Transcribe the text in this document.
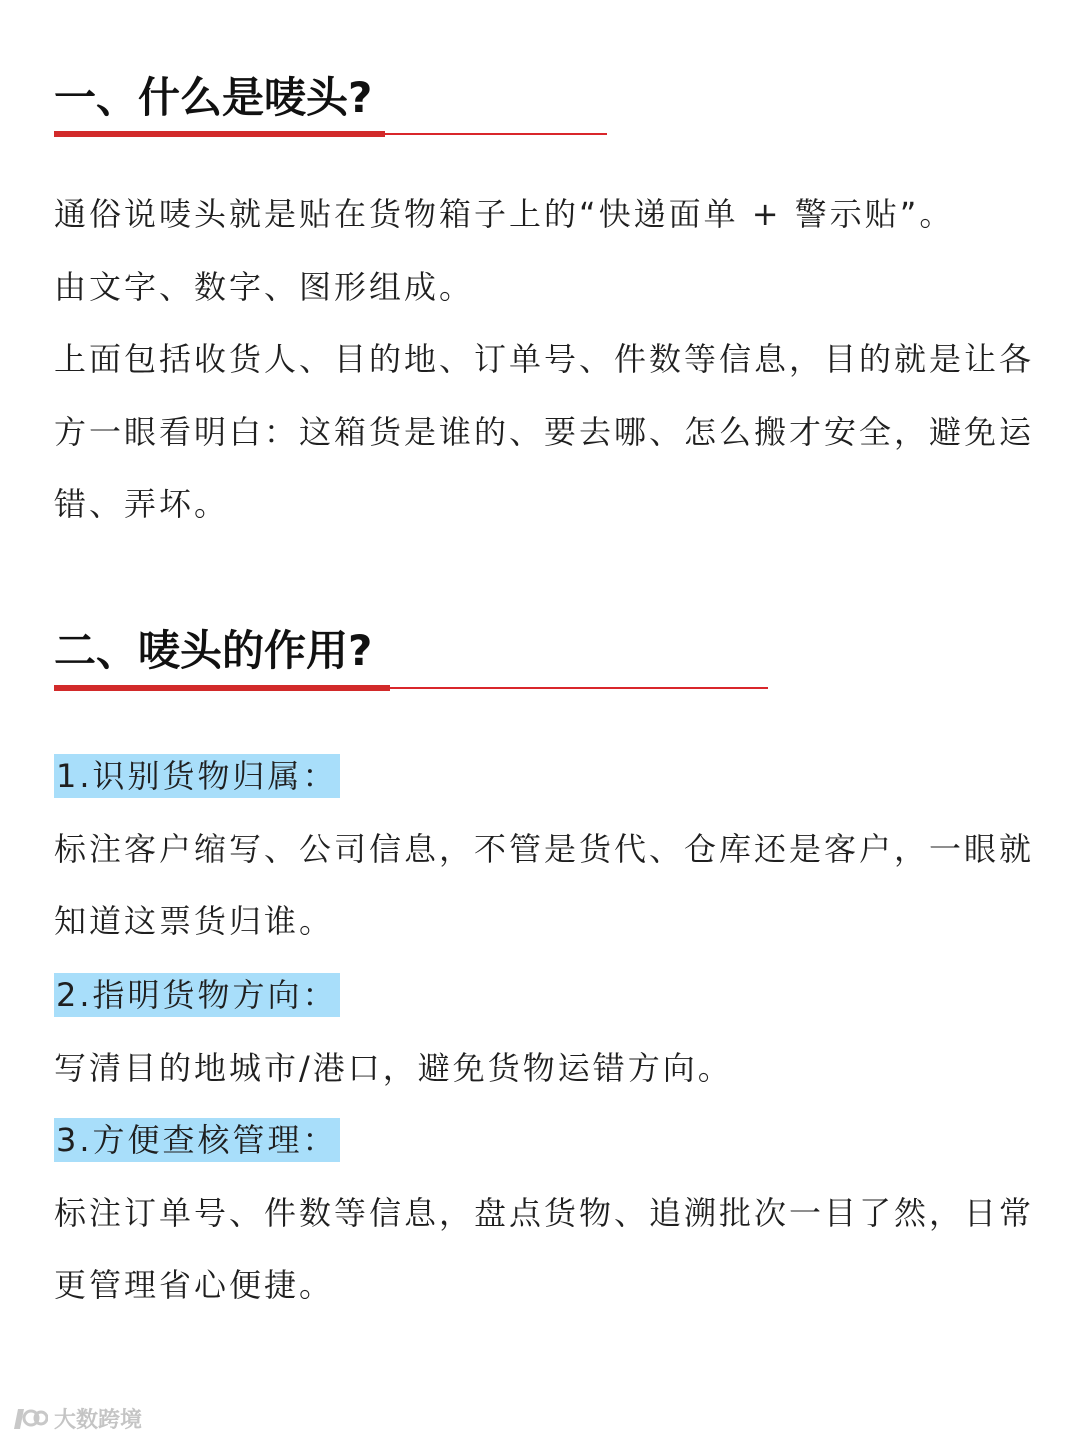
一、什么是唛头?

通俗说唛头就是贴在货物箱子上的“快递面单 + 警示贴”。

由文字、数字、图形组成。

上面包括收货人、目的地、订单号、件数等信息，目的就是让各

方一眼看明白：这箱货是谁的、要去哪、怎么搬才安全，避免运

错、弄坏。

二、唛头的作用?
1.识别货物归属：

标注客户缩写、公司信息，不管是货代、仓库还是客户，一眼就

知道这票货归谁。

2.指明货物方向：

写清目的地城市/港口，避免货物运错方向。

3.方便查核管理：

标注订单号、件数等信息，盘点货物、追溯批次一目了然，日常

更管理省心便捷。

大数跨境
